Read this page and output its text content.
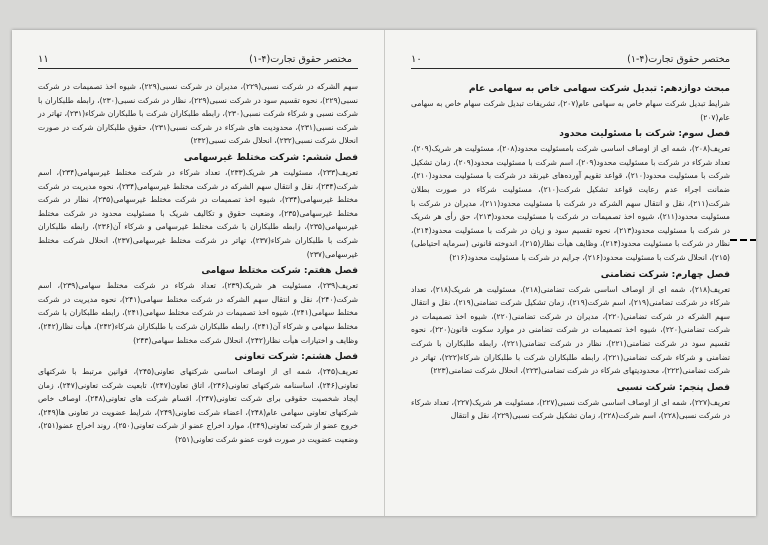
مختصر حقوق تجارت(۴-۱)
۱۱

سهم الشرکه در شرکت نسبی(۲۲۹)، مدیران در شرکت نسبی(۲۲۹)، شیوه اخذ تصمیمات در شرکت نسبی(۲۲۹)، نحوه تقسیم سود در شرکت نسبی(۲۲۹)، نظار در شرکت نسبی(۲۳۰)، رابطه طلبکاران با شرکت نسبی و شرکاء شرکت نسبی(۲۳۰)، رابطه طلبکاران شرکت با طلبکاران شرکاء(۲۳۱)، تهاتر در شرکت نسبی(۲۳۱)، محدودیت های شرکاء در شرکت نسبی(۲۳۱)، حقوق طلبکاران شرکت در صورت انحلال شرکت نسبی(۲۳۲)، انحلال شرکت نسبی(۲۳۲)

فصل ششم: شرکت مختلط غیرسهامی

تعریف(۲۳۳)، مسئولیت هر شریک(۲۳۳)، تعداد شرکاء در شرکت مختلط غیرسهامی(۲۳۴)، اسم شرکت(۲۳۴)، نقل و انتقال سهم الشرکه در شرکت مختلط غیرسهامی(۲۳۴)، نحوه مدیریت در شرکت مختلط غیرسهامی(۲۳۴)، شیوه اخذ تصمیمات در شرکت مختلط غیرسهامی(۲۳۵)، نظار در شرکت مختلط غیرسهامی(۲۳۵)، وضعیت حقوق و تکالیف شریک با مسئولیت محدود در شرکت مختلط غیرسهامی(۲۳۵)، رابطه طلبکاران با شرکت مختلط غیرسهامی و شرکاء آن(۲۳۶)، رابطه طلبکاران شرکت با طلبکاران شرکاء(۲۳۷)، تهاتر در شرکت مختلط غیرسهامی(۲۳۷)، انحلال شرکت مختلط غیرسهامی(۲۳۷)

فصل هفتم: شرکت مختلط سهامی

تعریف(۲۳۹)، مسئولیت هر شریک(۲۳۹)، تعداد شرکاء در شرکت مختلط سهامی(۲۳۹)، اسم شرکت(۲۴۰)، نقل و انتقال سهم الشرکه در شرکت مختلط سهامی(۲۴۱)، نحوه مدیریت در شرکت مختلط سهامی(۲۴۱)، شیوه اخذ تصمیمات در شرکت مختلط سهامی(۲۴۱)، رابطه طلبکاران با شرکت مختلط سهامی و شرکاء آن(۲۴۱)، رابطه طلبکاران شرکت با طلبکاران شرکاء(۲۴۲)، هیأت نظار(۲۴۲)، وظایف و اختیارات هیأت نظار(۲۴۲)، انحلال شرکت مختلط سهامی(۲۴۳)

فصل هشتم: شرکت تعاونی

تعریف(۲۴۵)، شمه ای از اوصاف اساسی شرکتهای تعاونی(۲۴۵)، قوانین مرتبط با شرکتهای تعاونی(۲۴۶)، اساسنامه شرکتهای تعاونی(۲۴۶)، اتاق تعاون(۲۴۷)، تابعیت شرکت تعاونی(۲۴۷)، زمان ایجاد شخصیت حقوقی برای شرکت تعاونی(۲۴۷)، اقسام شرکت های تعاونی(۲۴۸)، اوصاف خاص شرکتهای تعاونی سهامی عام(۲۴۸)، اعضاء شرکت تعاونی(۲۴۹)، شرایط عضویت در تعاونی ها(۲۴۹)، خروج عضو از شرکت تعاونی(۲۴۹)، موارد اخراج عضو از شرکت تعاونی(۲۵۰)، روند اخراج عضو(۲۵۱)، وضعیت عضویت در صورت فوت عضو شرکت تعاونی(۲۵۱)

مختصر حقوق تجارت(۴-۱)
۱۰
مبحث دوازدهم: تبدیل شرکت سهامی خاص به سهامی عام

شرایط تبدیل شرکت سهام خاص به سهامی عام(۲۰۷)، تشریفات تبدیل شرکت سهام خاص به سهامی عام(۲۰۷)

فصل سوم: شرکت با مسئولیت محدود

تعریف(۲۰۸)، شمه ای از اوصاف اساسی شرکت بامسئولیت محدود(۲۰۸)، مسئولیت هر شریک(۲۰۹)، تعداد شرکاء در شرکت با مسئولیت محدود(۲۰۹)، اسم شرکت با مسئولیت محدود(۲۰۹)، زمان تشکیل شرکت با مسئولیت محدود(۲۱۰)، قواعد تقویم آورده‌های غیرنقد در شرکت با مسئولیت محدود(۲۱۰)، ضمانت اجراء عدم رعایت قواعد تشکیل شرکت(۲۱۰)، مسئولیت شرکاء در صورت بطلان شرکت(۲۱۱)، نقل و انتقال سهم الشرکه در شرکت با مسئولیت محدود(۲۱۱)، مدیران در شرکت با مسئولیت محدود(۲۱۱)، شیوه اخذ تصمیمات در شرکت با مسئولیت محدود(۲۱۳)، حق رأی هر شریک در شرکت با مسئولیت محدود(۲۱۳)، نحوه تقسیم سود و زیان در شرکت با مسئولیت محدود(۲۱۴)، نظار در شرکت با مسئولیت محدود(۲۱۴)، وظایف هیأت نظار(۲۱۵)، اندوخته قانونی (سرمایه احتیاطی)(۲۱۵)، انحلال شرکت با مسئولیت محدود(۲۱۶)، جرایم در شرکت با مسئولیت محدود(۲۱۶)

فصل چهارم: شرکت تضامنی

تعریف(۲۱۸)، شمه ای از اوصاف اساسی شرکت تضامنی(۲۱۸)، مسئولیت هر شریک(۲۱۸)، تعداد شرکاء در شرکت تضامنی(۲۱۹)، اسم شرکت(۲۱۹)، زمان تشکیل شرکت تضامنی(۲۱۹)، نقل و انتقال سهم الشرکه در شرکت تضامنی(۲۲۰)، مدیران در شرکت تضامنی(۲۲۰)، شیوه اخذ تصمیمات در شرکت تضامنی(۲۲۰)، شیوه اخذ تصمیمات در شرکت تضامنی در موارد سکوت قانون(۲۲۰)، نحوه تقسیم سود در شرکت تضامنی(۲۲۱)، نظار در شرکت تضامنی(۲۲۱)، رابطه طلبکاران با شرکت تضامنی و شرکاء شرکت تضامنی(۲۲۱)، رابطه طلبکاران شرکت با طلبکاران شرکاء(۲۲۲)، تهاتر در شرکت تضامنی(۲۲۲)، محدودیتهای شرکاء در شرکت تضامنی(۲۲۳)، انحلال شرکت تضامنی(۲۲۳)

فصل پنجم: شرکت نسبی

تعریف(۲۲۷)، شمه ای از اوصاف اساسی شرکت نسبی(۲۲۷)، مسئولیت هر شریک(۲۲۷)، تعداد شرکاء در شرکت نسبی(۲۲۸)، اسم شرکت(۲۲۸)، زمان تشکیل شرکت نسبی(۲۲۹)، نقل و انتقال
